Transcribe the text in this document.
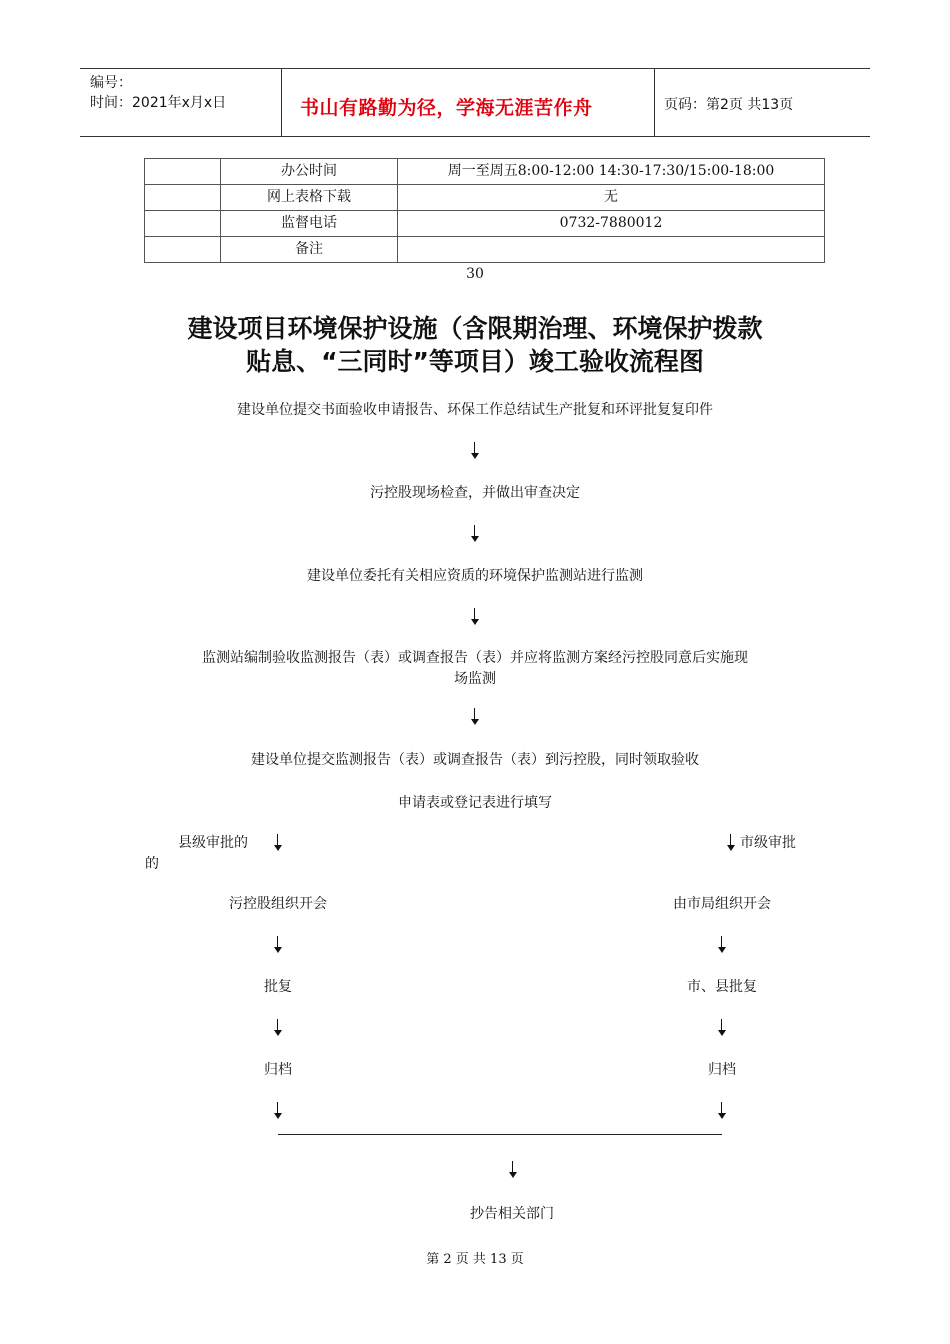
编号：
时间：2021年x月x日	书山有路勤为径，学海无涯苦作舟	页码：第2页 共13页
	办公时间	周一至周五8:00-12:00 14:30-17:30/15:00-18:00
	网上表格下载	无
	监督电话	0732-7880012
	备注	
30
建设项目环境保护设施（含限期治理、环境保护拨款
贴息、“三同时”等项目）竣工验收流程图
建设单位提交书面验收申请报告、环保工作总结试生产批复和环评批复复印件
污控股现场检查，并做出审查决定
建设单位委托有关相应资质的环境保护监测站进行监测
监测站编制验收监测报告（表）或调查报告（表）并应将监测方案经污控股同意后实施现
场监测
建设单位提交监测报告（表）或调查报告（表）到污控股，同时领取验收
申请表或登记表进行填写
县级审批的
的
市级审批
污控股组织开会
批复
归档
由市局组织开会
市、县批复
归档
抄告相关部门
第 2 页 共 13 页
